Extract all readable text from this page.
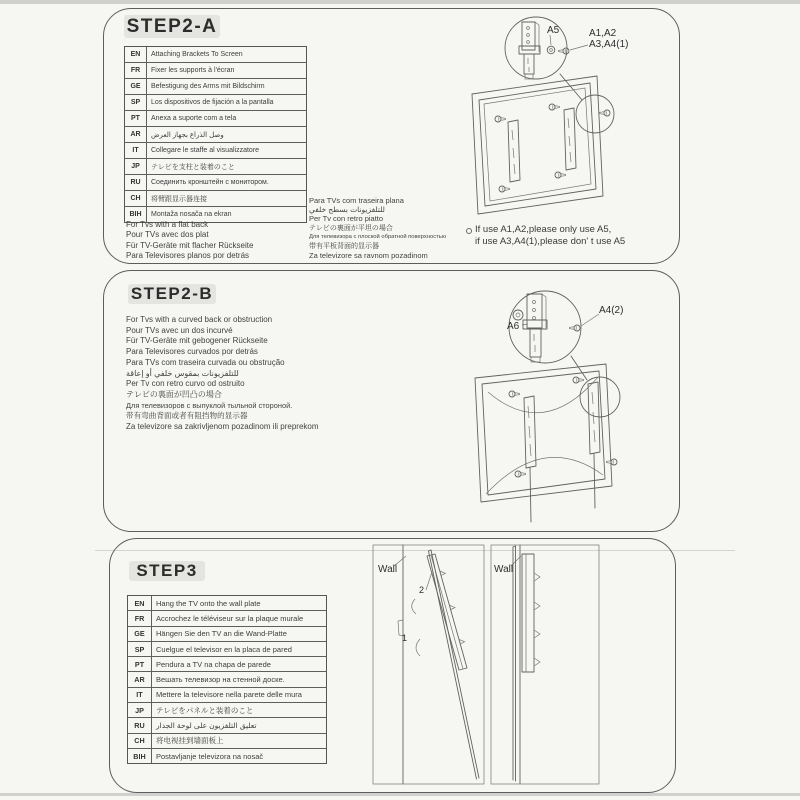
STEP2-A
EN	Attaching Brackets To Screen
FR	Fixer les supports à l'écran
GE	Befestigung des Arms mit Bildschirm
SP	Los dispositivos de fijación a la pantalla
PT	Anexa a suporte com a tela
AR	وصل الذراع بجهاز العرض
IT	Collegare le staffe al visualizzatore
JP	テレビを支柱と装着のこと
RU	Соединить кронштейн с монитором.
CH	将臂跟显示器连接
BIH	Montaža nosača na ekran
For Tvs with a flat back
Pour TVs avec dos plat
Für TV-Geräte mit flacher Rückseite
Para Televisores planos por detrás
Para TVs com traseira plana
للتلفزيونات بسطح خلفي
Per Tv con retro piatto
テレビの裏面が平坦の場合
Для телевизора с плоской обратной поверхностью
带有平板背面的显示器
Za televizore sa ravnom pozadinom
If use A1,A2,please only use A5,
if use A3,A4(1),please don' t use A5
STEP2-B
For Tvs with a curved back or obstruction
Pour TVs avec un dos incurvé
Für TV-Geräte mit gebogener Rückseite
Para Televisores curvados por detrás
Para TVs com traseira curvada ou obstrução
للتلفزيونات بمقوس خلفي أو إعاقة
Per Tv con retro curvo od ostruito
テレビの裏面が凹凸の場合
Для телевизоров с выпуклой тыльной стороной.
带有弯曲背面或者有阻挡物的显示器
Za televizore sa zakrivljenom pozadinom ili preprekom
STEP3
EN	Hang the TV onto the wall plate
FR	Accrochez le téléviseur sur la plaque murale
GE	Hängen Sie den TV an die Wand-Platte
SP	Cuelgue el televisor en la placa de pared
PT	Pendura a TV na chapa de parede
AR	Вешать телевизор на стенной доске.
IT	Mettere la televisore nella parete delle mura
JP	テレビをパネルと装着のこと
RU	تعليق التلفزيون على لوحة الجدار
CH	将电视挂到墙面板上
BIH	Postavljanje televizora na nosač
A5	A1,A2
A3,A4(1)
A6
A4(2)
Wall	Wall
2
1
